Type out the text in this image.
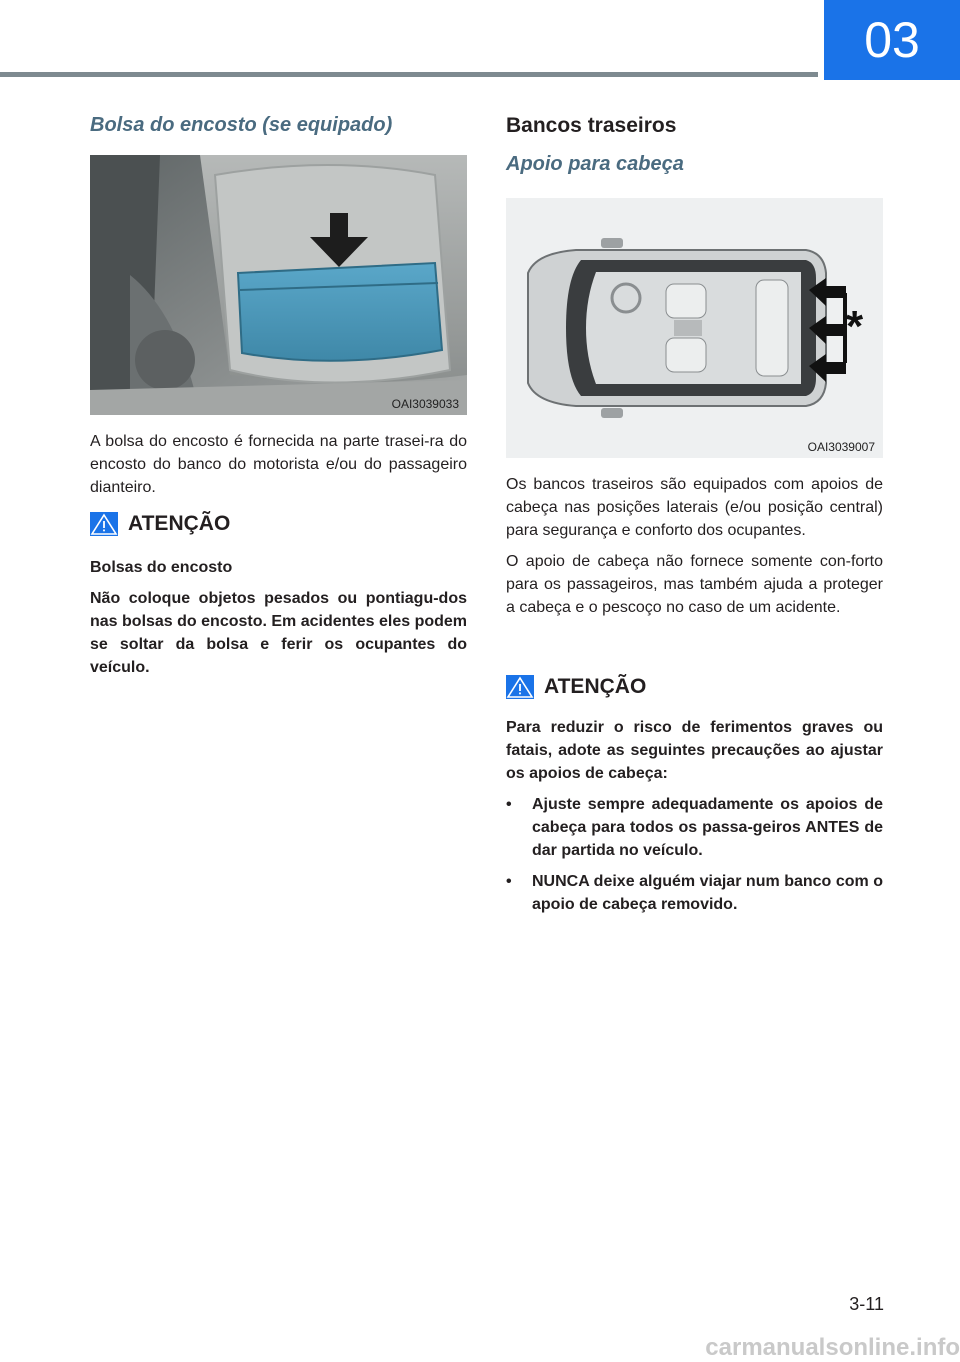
03
Bolsa do encosto (se equipado)
OAI3039033

A bolsa do encosto é fornecida na parte trasei-ra do encosto do banco do motorista e/ou do passageiro dianteiro.

ATENÇÃO

Bolsas do encosto

Não coloque objetos pesados ou pontiagu-dos nas bolsas do encosto. Em acidentes eles podem se soltar da bolsa e ferir os ocupantes do veículo.

Bancos traseiros
Apoio para cabeça
*
OAI3039007

Os bancos traseiros são equipados com apoios de cabeça nas posições laterais (e/ou posição central) para segurança e conforto dos ocupantes.

O apoio de cabeça não fornece somente con-forto para os passageiros, mas também ajuda a proteger a cabeça e o pescoço no caso de um acidente.

ATENÇÃO

Para reduzir o risco de ferimentos graves ou fatais, adote as seguintes precauções ao ajustar os apoios de cabeça:

• Ajuste sempre adequadamente os apoios de cabeça para todos os passa-geiros ANTES de dar partida no veículo.
• NUNCA deixe alguém viajar num banco com o apoio de cabeça removido.
3-11
carmanualsonline.info
